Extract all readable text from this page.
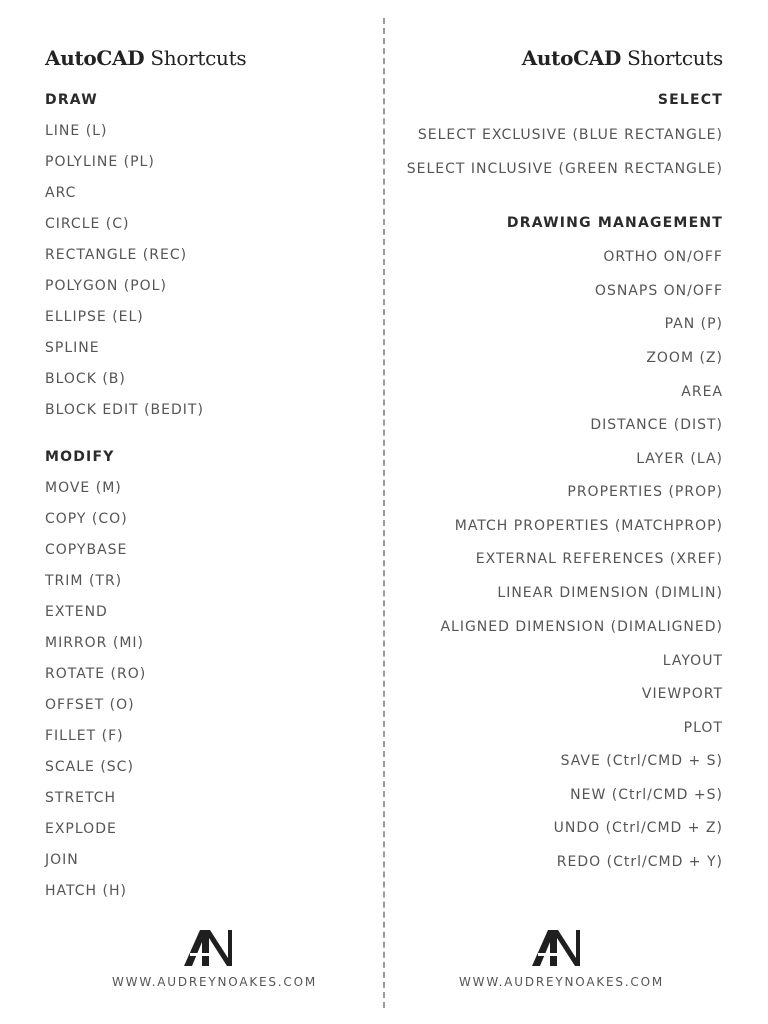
AutoCAD Shortcuts
DRAW
LINE (L)
POLYLINE (PL)
ARC
CIRCLE (C)
RECTANGLE (REC)
POLYGON (POL)
ELLIPSE (EL)
SPLINE
BLOCK (B)
BLOCK EDIT (BEDIT)
MODIFY
MOVE (M)
COPY (CO)
COPYBASE
TRIM (TR)
EXTEND
MIRROR (MI)
ROTATE (RO)
OFFSET (O)
FILLET (F)
SCALE (SC)
STRETCH
EXPLODE
JOIN
HATCH (H)
AutoCAD Shortcuts
SELECT
SELECT EXCLUSIVE (BLUE RECTANGLE)
SELECT INCLUSIVE (GREEN RECTANGLE)
DRAWING MANAGEMENT
ORTHO ON/OFF
OSNAPS ON/OFF
PAN (P)
ZOOM (Z)
AREA
DISTANCE (DIST)
LAYER (LA)
PROPERTIES (PROP)
MATCH PROPERTIES (MATCHPROP)
EXTERNAL REFERENCES (XREF)
LINEAR DIMENSION (DIMLIN)
ALIGNED DIMENSION (DIMALIGNED)
LAYOUT
VIEWPORT
PLOT
SAVE (Ctrl/CMD + S)
NEW (Ctrl/CMD +S)
UNDO (Ctrl/CMD + Z)
REDO (Ctrl/CMD + Y)
WWW.AUDREYNOAKES.COM	WWW.AUDREYNOAKES.COM
